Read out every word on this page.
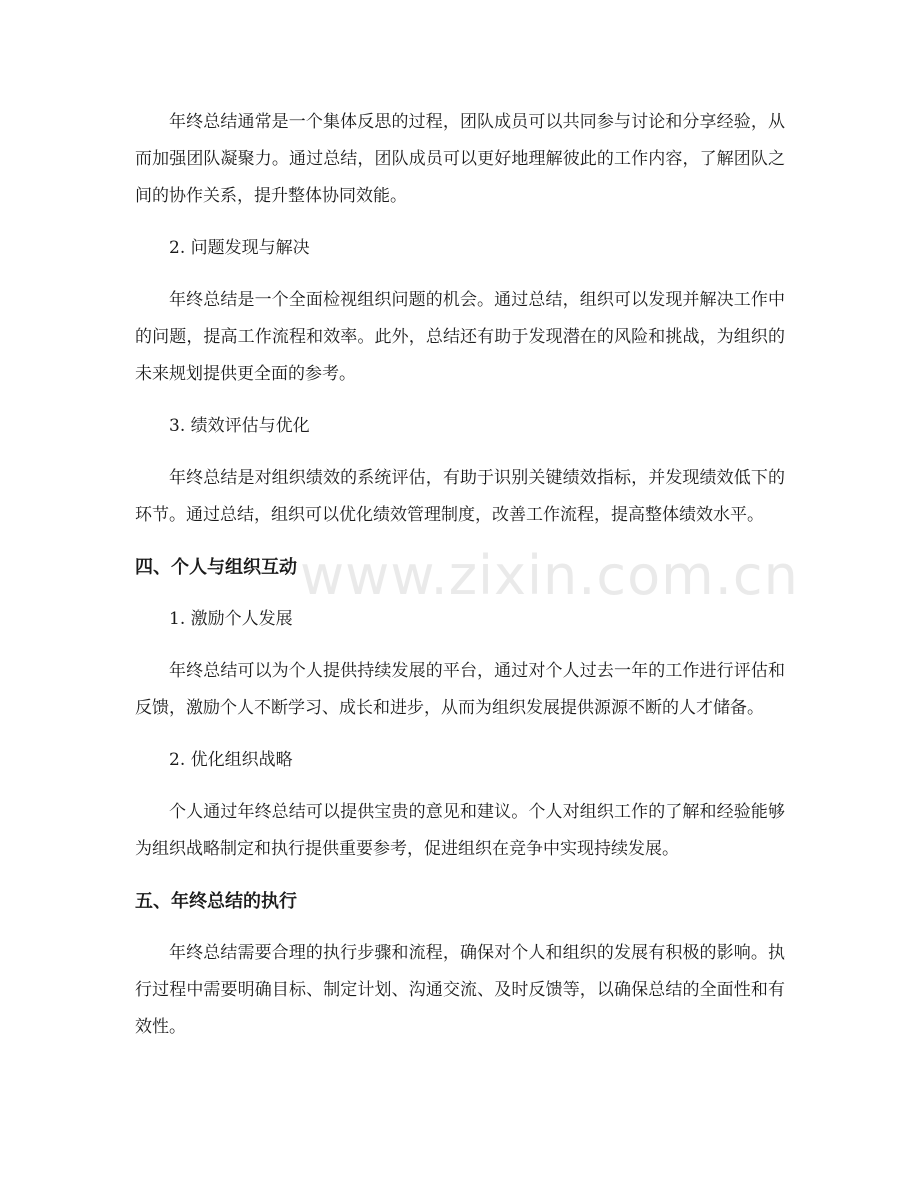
年终总结通常是一个集体反思的过程，团队成员可以共同参与讨论和分享经验，从而加强团队凝聚力。通过总结，团队成员可以更好地理解彼此的工作内容，了解团队之间的协作关系，提升整体协同效能。

2. 问题发现与解决

年终总结是一个全面检视组织问题的机会。通过总结，组织可以发现并解决工作中的问题，提高工作流程和效率。此外，总结还有助于发现潜在的风险和挑战，为组织的未来规划提供更全面的参考。

3. 绩效评估与优化

年终总结是对组织绩效的系统评估，有助于识别关键绩效指标，并发现绩效低下的环节。通过总结，组织可以优化绩效管理制度，改善工作流程，提高整体绩效水平。

四、个人与组织互动

1. 激励个人发展

年终总结可以为个人提供持续发展的平台，通过对个人过去一年的工作进行评估和反馈，激励个人不断学习、成长和进步，从而为组织发展提供源源不断的人才储备。

2. 优化组织战略

个人通过年终总结可以提供宝贵的意见和建议。个人对组织工作的了解和经验能够为组织战略制定和执行提供重要参考，促进组织在竞争中实现持续发展。

五、年终总结的执行

年终总结需要合理的执行步骤和流程，确保对个人和组织的发展有积极的影响。执行过程中需要明确目标、制定计划、沟通交流、及时反馈等，以确保总结的全面性和有效性。

www.zixin.com.cn
